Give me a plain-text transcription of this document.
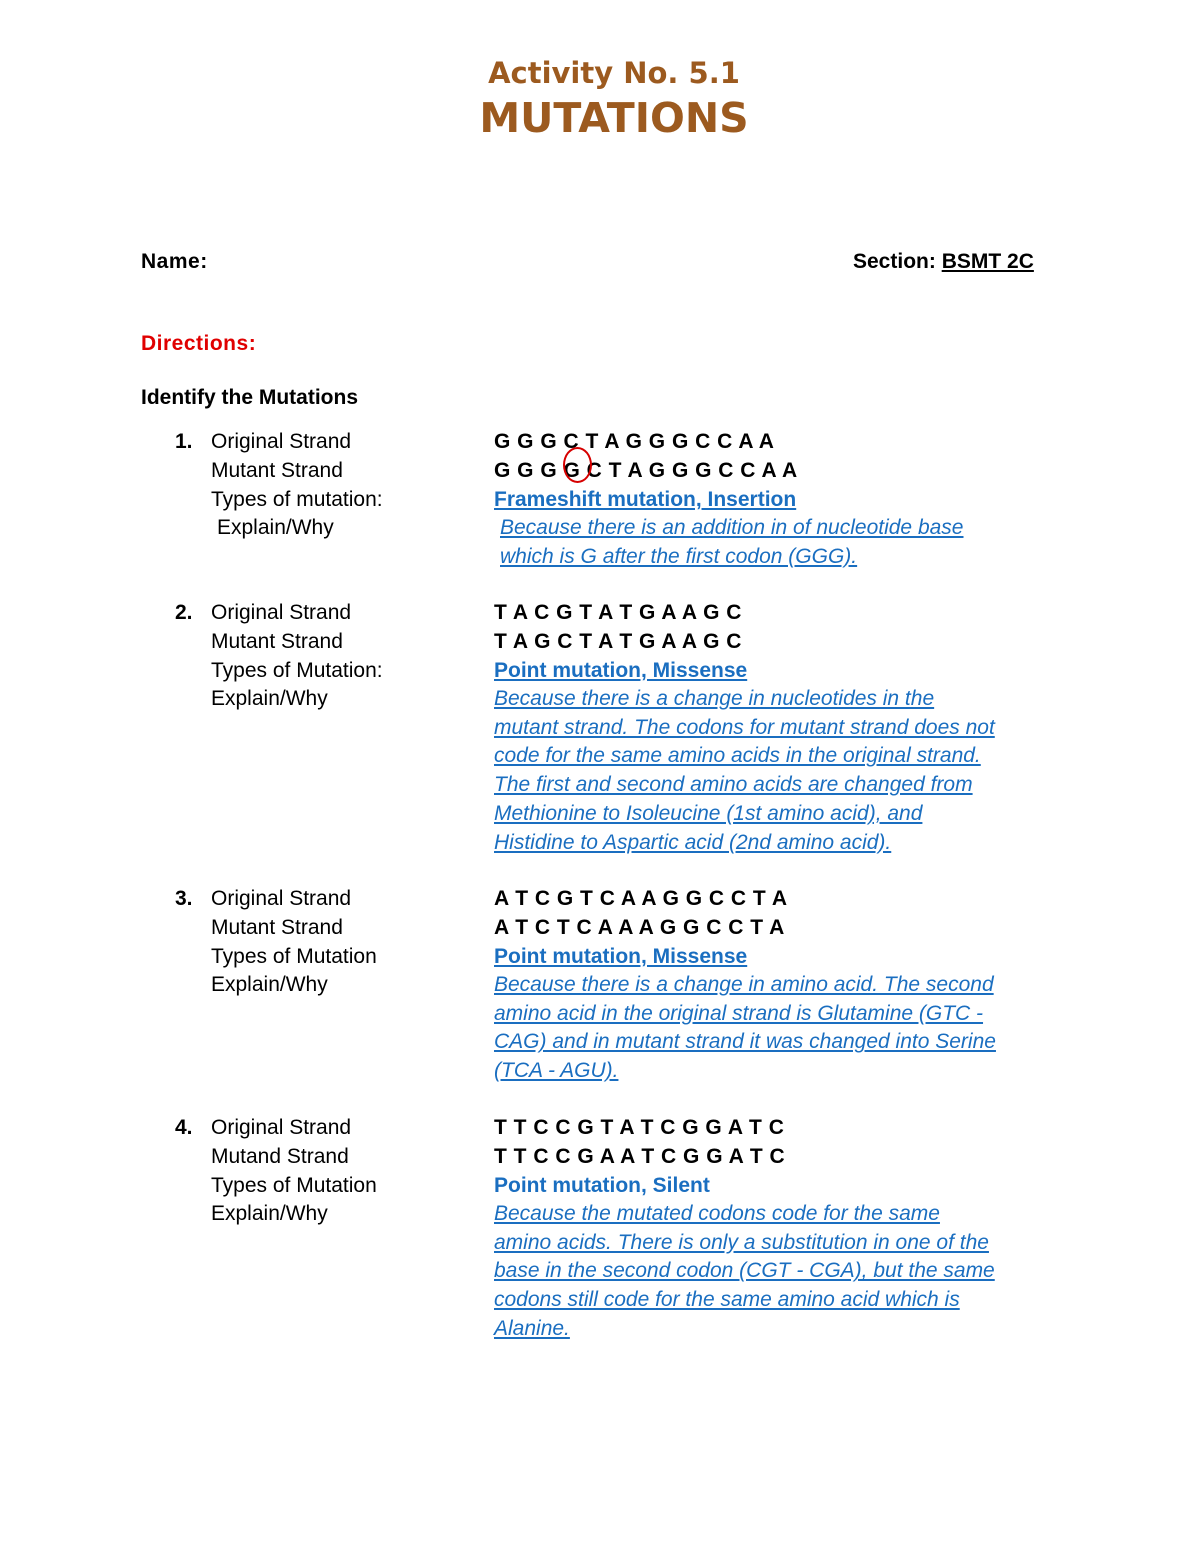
Activity No. 5.1
MUTATIONS
Name:	Section: BSMT 2C
Directions:
Identify the Mutations
1. Original Strand	G G G C T A G G G C C A A
Mutant Strand	G G G G C T A G G G C C A A
Types of mutation:	Frameshift mutation, Insertion
Explain/Why	Because there is an addition in of nucleotide base
which is G after the first codon (GGG).
2. Original Strand	T A C G T A T G A A G C
Mutant Strand	T A G C T A T G A A G C
Types of Mutation:	Point mutation, Missense
Explain/Why	Because there is a change in nucleotides in the
mutant strand. The codons for mutant strand does not
code for the same amino acids in the original strand.
The first and second amino acids are changed from
Methionine to Isoleucine (1st amino acid), and
Histidine to Aspartic acid (2nd amino acid).
3. Original Strand	A T C G T C A A G G C C T A
Mutant Strand	A T C T C A A A G G C C T A
Types of Mutation	Point mutation, Missense
Explain/Why	Because there is a change in amino acid. The second
amino acid in the original strand is Glutamine (GTC -
CAG) and in mutant strand it was changed into Serine
(TCA - AGU).
4. Original Strand	T T C C G T A T C G G A T C
Mutand Strand	T T C C G A A T C G G A T C
Types of Mutation	Point mutation, Silent
Explain/Why	Because the mutated codons code for the same
amino acids. There is only a substitution in one of the
base in the second codon (CGT - CGA), but the same
codons still code for the same amino acid which is
Alanine.
